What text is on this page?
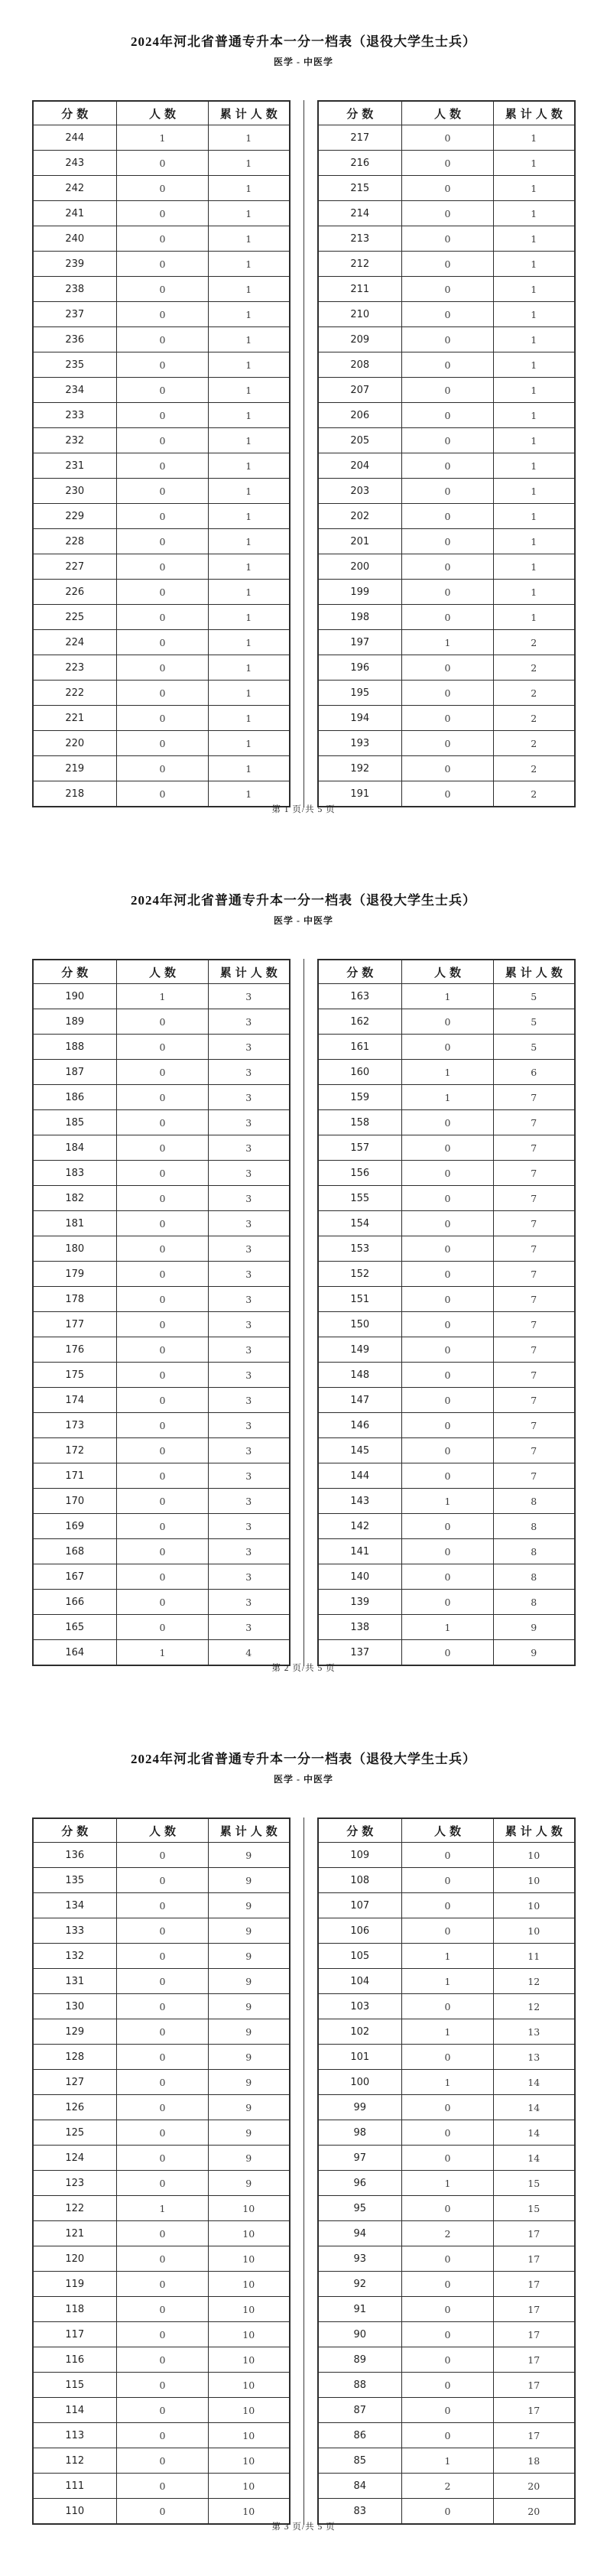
2024年河北省普通专升本一分一档表（退役大学生士兵）
医学 - 中医学
分数	人数	累计人数
244	1	1
243	0	1
242	0	1
241	0	1
240	0	1
239	0	1
238	0	1
237	0	1
236	0	1
235	0	1
234	0	1
233	0	1
232	0	1
231	0	1
230	0	1
229	0	1
228	0	1
227	0	1
226	0	1
225	0	1
224	0	1
223	0	1
222	0	1
221	0	1
220	0	1
219	0	1
218	0	1
分数	人数	累计人数
217	0	1
216	0	1
215	0	1
214	0	1
213	0	1
212	0	1
211	0	1
210	0	1
209	0	1
208	0	1
207	0	1
206	0	1
205	0	1
204	0	1
203	0	1
202	0	1
201	0	1
200	0	1
199	0	1
198	0	1
197	1	2
196	0	2
195	0	2
194	0	2
193	0	2
192	0	2
191	0	2
第 1 页/共 5 页
2024年河北省普通专升本一分一档表（退役大学生士兵）
医学 - 中医学
分数	人数	累计人数
190	1	3
189	0	3
188	0	3
187	0	3
186	0	3
185	0	3
184	0	3
183	0	3
182	0	3
181	0	3
180	0	3
179	0	3
178	0	3
177	0	3
176	0	3
175	0	3
174	0	3
173	0	3
172	0	3
171	0	3
170	0	3
169	0	3
168	0	3
167	0	3
166	0	3
165	0	3
164	1	4
分数	人数	累计人数
163	1	5
162	0	5
161	0	5
160	1	6
159	1	7
158	0	7
157	0	7
156	0	7
155	0	7
154	0	7
153	0	7
152	0	7
151	0	7
150	0	7
149	0	7
148	0	7
147	0	7
146	0	7
145	0	7
144	0	7
143	1	8
142	0	8
141	0	8
140	0	8
139	0	8
138	1	9
137	0	9
第 2 页/共 5 页
2024年河北省普通专升本一分一档表（退役大学生士兵）
医学 - 中医学
分数	人数	累计人数
136	0	9
135	0	9
134	0	9
133	0	9
132	0	9
131	0	9
130	0	9
129	0	9
128	0	9
127	0	9
126	0	9
125	0	9
124	0	9
123	0	9
122	1	10
121	0	10
120	0	10
119	0	10
118	0	10
117	0	10
116	0	10
115	0	10
114	0	10
113	0	10
112	0	10
111	0	10
110	0	10
分数	人数	累计人数
109	0	10
108	0	10
107	0	10
106	0	10
105	1	11
104	1	12
103	0	12
102	1	13
101	0	13
100	1	14
99	0	14
98	0	14
97	0	14
96	1	15
95	0	15
94	2	17
93	0	17
92	0	17
91	0	17
90	0	17
89	0	17
88	0	17
87	0	17
86	0	17
85	1	18
84	2	20
83	0	20
第 3 页/共 5 页
